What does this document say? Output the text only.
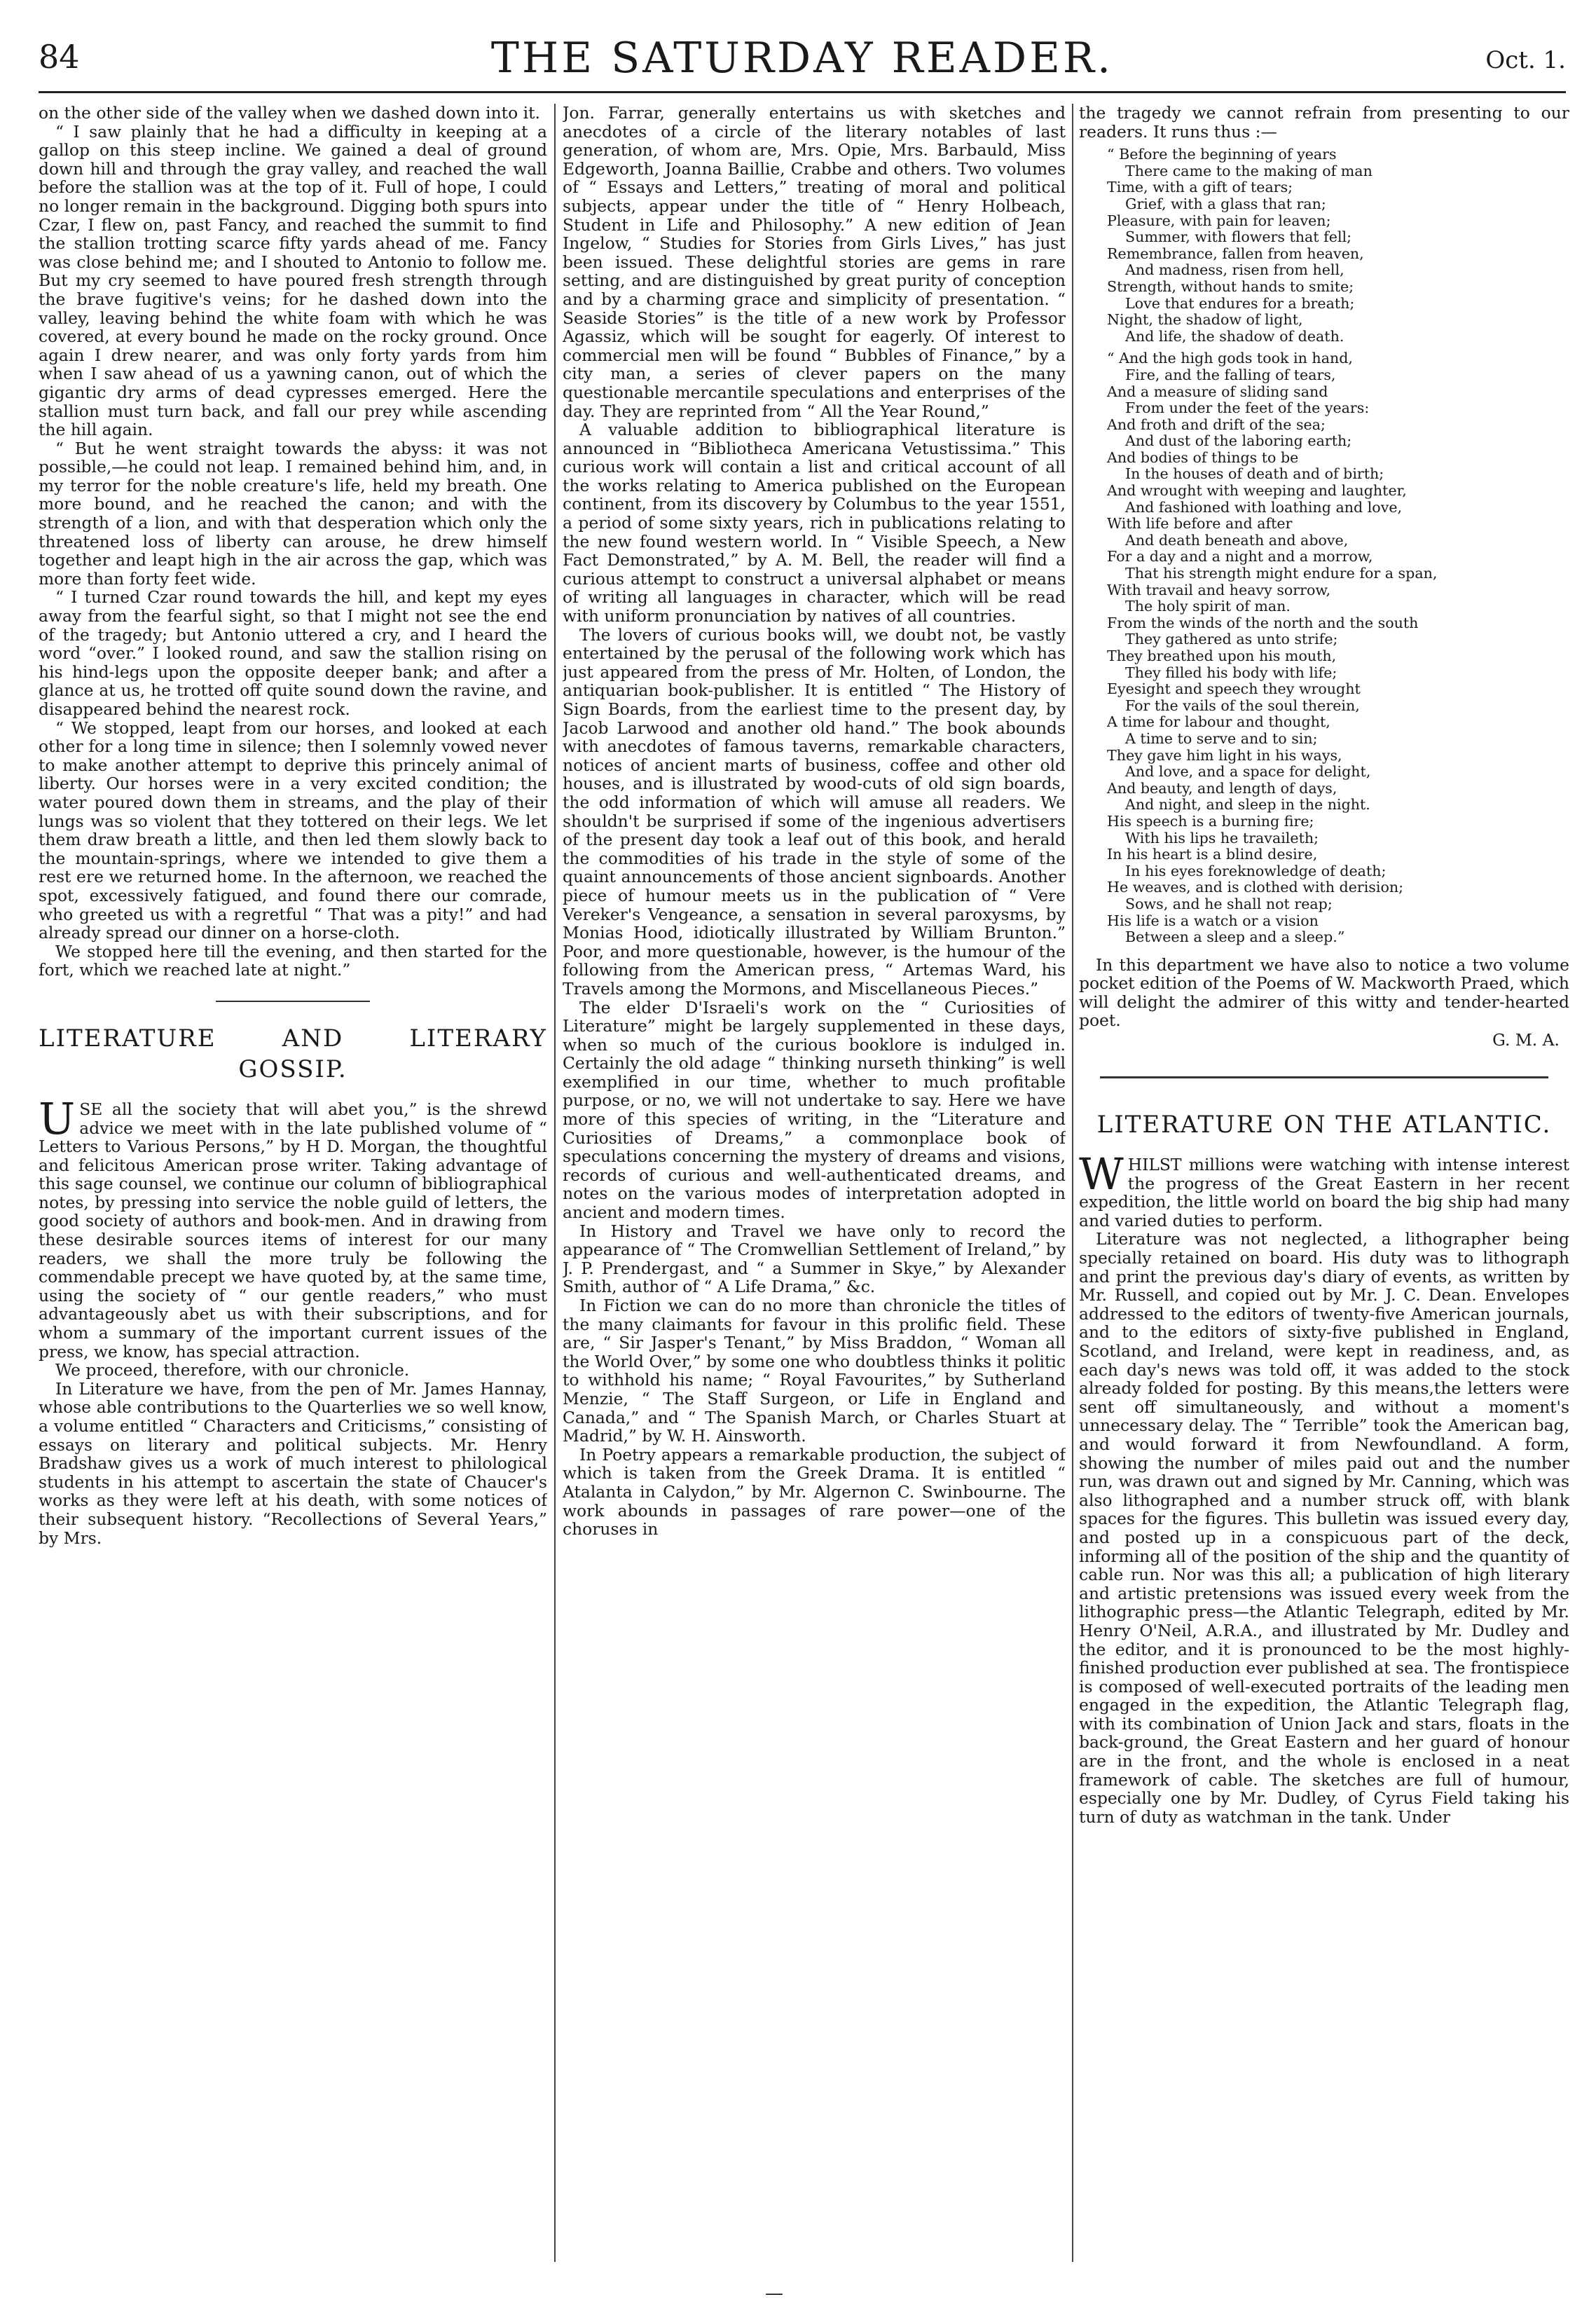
84	THE SATURDAY READER.	Oct. 1.

on the other side of the valley when we dashed down into it.

“ I saw plainly that he had a difficulty in keeping at a gallop on this steep incline. We gained a deal of ground down hill and through the gray valley, and reached the wall before the stallion was at the top of it. Full of hope, I could no longer remain in the background. Digging both spurs into Czar, I flew on, past Fancy, and reached the summit to find the stallion trotting scarce fifty yards ahead of me. Fancy was close behind me; and I shouted to Antonio to follow me. But my cry seemed to have poured fresh strength through the brave fugitive's veins; for he dashed down into the valley, leaving behind the white foam with which he was covered, at every bound he made on the rocky ground. Once again I drew nearer, and was only forty yards from him when I saw ahead of us a yawning canon, out of which the gigantic dry arms of dead cypresses emerged. Here the stallion must turn back, and fall our prey while ascending the hill again.

“ But he went straight towards the abyss: it was not possible,—he could not leap. I remained behind him, and, in my terror for the noble creature's life, held my breath. One more bound, and he reached the canon; and with the strength of a lion, and with that desperation which only the threatened loss of liberty can arouse, he drew himself together and leapt high in the air across the gap, which was more than forty feet wide.

“ I turned Czar round towards the hill, and kept my eyes away from the fearful sight, so that I might not see the end of the tragedy; but Antonio uttered a cry, and I heard the word “over.” I looked round, and saw the stallion rising on his hind-legs upon the opposite deeper bank; and after a glance at us, he trotted off quite sound down the ravine, and disappeared behind the nearest rock.

“ We stopped, leapt from our horses, and looked at each other for a long time in silence; then I solemnly vowed never to make another attempt to deprive this princely animal of liberty. Our horses were in a very excited condition; the water poured down them in streams, and the play of their lungs was so violent that they tottered on their legs. We let them draw breath a little, and then led them slowly back to the mountain-springs, where we intended to give them a rest ere we returned home. In the afternoon, we reached the spot, excessively fatigued, and found there our comrade, who greeted us with a regretful “ That was a pity!” and had already spread our dinner on a horse-cloth.

We stopped here till the evening, and then started for the fort, which we reached late at night.”

LITERATURE AND LITERARY GOSSIP.

USE all the society that will abet you,” is the shrewd advice we meet with in the late published volume of “ Letters to Various Persons,” by H D. Morgan, the thoughtful and felicitous American prose writer. Taking advantage of this sage counsel, we continue our column of bibliographical notes, by pressing into service the noble guild of letters, the good society of authors and book-men. And in drawing from these desirable sources items of interest for our many readers, we shall the more truly be following the commendable precept we have quoted by, at the same time, using the society of “ our gentle readers,” who must advantageously abet us with their subscriptions, and for whom a summary of the important current issues of the press, we know, has special attraction.

We proceed, therefore, with our chronicle.

In Literature we have, from the pen of Mr. James Hannay, whose able contributions to the Quarterlies we so well know, a volume entitled “ Characters and Criticisms,” consisting of essays on literary and political subjects. Mr. Henry Bradshaw gives us a work of much interest to philological students in his attempt to ascertain the state of Chaucer's works as they were left at his death, with some notices of their subsequent history. “Recollections of Several Years,” by Mrs.

Jon. Farrar, generally entertains us with sketches and anecdotes of a circle of the literary notables of last generation, of whom are, Mrs. Opie, Mrs. Barbauld, Miss Edgeworth, Joanna Baillie, Crabbe and others. Two volumes of “ Essays and Letters,” treating of moral and political subjects, appear under the title of “ Henry Holbeach, Student in Life and Philosophy.” A new edition of Jean Ingelow, “ Studies for Stories from Girls Lives,” has just been issued. These delightful stories are gems in rare setting, and are distinguished by great purity of conception and by a charming grace and simplicity of presentation. “ Seaside Stories” is the title of a new work by Professor Agassiz, which will be sought for eagerly. Of interest to commercial men will be found “ Bubbles of Finance,” by a city man, a series of clever papers on the many questionable mercantile speculations and enterprises of the day. They are reprinted from “ All the Year Round,”

A valuable addition to bibliographical literature is announced in “Bibliotheca Americana Vetustissima.” This curious work will contain a list and critical account of all the works relating to America published on the European continent, from its discovery by Columbus to the year 1551, a period of some sixty years, rich in publications relating to the new found western world. In “ Visible Speech, a New Fact Demonstrated,” by A. M. Bell, the reader will find a curious attempt to construct a universal alphabet or means of writing all languages in character, which will be read with uniform pronunciation by natives of all countries.

The lovers of curious books will, we doubt not, be vastly entertained by the perusal of the following work which has just appeared from the press of Mr. Holten, of London, the antiquarian book-publisher. It is entitled “ The History of Sign Boards, from the earliest time to the present day, by Jacob Larwood and another old hand.” The book abounds with anecdotes of famous taverns, remarkable characters, notices of ancient marts of business, coffee and other old houses, and is illustrated by wood-cuts of old sign boards, the odd information of which will amuse all readers. We shouldn't be surprised if some of the ingenious advertisers of the present day took a leaf out of this book, and herald the commodities of his trade in the style of some of the quaint announcements of those ancient signboards. Another piece of humour meets us in the publication of “ Vere Vereker's Vengeance, a sensation in several paroxysms, by Monias Hood, idiotically illustrated by William Brunton.” Poor, and more questionable, however, is the humour of the following from the American press, “ Artemas Ward, his Travels among the Mormons, and Miscellaneous Pieces.”

The elder D'Israeli's work on the “ Curiosities of Literature” might be largely supplemented in these days, when so much of the curious booklore is indulged in. Certainly the old adage “ thinking nurseth thinking” is well exemplified in our time, whether to much profitable purpose, or no, we will not undertake to say. Here we have more of this species of writing, in the “Literature and Curiosities of Dreams,” a commonplace book of speculations concerning the mystery of dreams and visions, records of curious and well-authenticated dreams, and notes on the various modes of interpretation adopted in ancient and modern times.

In History and Travel we have only to record the appearance of “ The Cromwellian Settlement of Ireland,” by J. P. Prendergast, and “ a Summer in Skye,” by Alexander Smith, author of “ A Life Drama,” &c.

In Fiction we can do no more than chronicle the titles of the many claimants for favour in this prolific field. These are, “ Sir Jasper's Tenant,” by Miss Braddon, “ Woman all the World Over,” by some one who doubtless thinks it politic to withhold his name; “ Royal Favourites,” by Sutherland Menzie, “ The Staff Surgeon, or Life in England and Canada,” and “ The Spanish March, or Charles Stuart at Madrid,” by W. H. Ainsworth.

In Poetry appears a remarkable production, the subject of which is taken from the Greek Drama. It is entitled “ Atalanta in Calydon,” by Mr. Algernon C. Swinbourne. The work abounds in passages of rare power—one of the choruses in

the tragedy we cannot refrain from presenting to our readers. It runs thus :—

“ Before the beginning of years
There came to the making of man
Time, with a gift of tears;
Grief, with a glass that ran;
Pleasure, with pain for leaven;
Summer, with flowers that fell;
Remembrance, fallen from heaven,
And madness, risen from hell,
Strength, without hands to smite;
Love that endures for a breath;
Night, the shadow of light,
And life, the shadow of death.
“ And the high gods took in hand,
Fire, and the falling of tears,
And a measure of sliding sand
From under the feet of the years:
And froth and drift of the sea;
And dust of the laboring earth;
And bodies of things to be
In the houses of death and of birth;
And wrought with weeping and laughter,
And fashioned with loathing and love,
With life before and after
And death beneath and above,
For a day and a night and a morrow,
That his strength might endure for a span,
With travail and heavy sorrow,
The holy spirit of man.
From the winds of the north and the south
They gathered as unto strife;
They breathed upon his mouth,
They filled his body with life;
Eyesight and speech they wrought
For the vails of the soul therein,
A time for labour and thought,
A time to serve and to sin;
They gave him light in his ways,
And love, and a space for delight,
And beauty, and length of days,
And night, and sleep in the night.
His speech is a burning fire;
With his lips he travaileth;
In his heart is a blind desire,
In his eyes foreknowledge of death;
He weaves, and is clothed with derision;
Sows, and he shall not reap;
His life is a watch or a vision
Between a sleep and a sleep.”

In this department we have also to notice a two volume pocket edition of the Poems of W. Mackworth Praed, which will delight the admirer of this witty and tender-hearted poet.

G. M. A.
LITERATURE ON THE ATLANTIC.

WHILST millions were watching with intense interest the progress of the Great Eastern in her recent expedition, the little world on board the big ship had many and varied duties to perform.

Literature was not neglected, a lithographer being specially retained on board. His duty was to lithograph and print the previous day's diary of events, as written by Mr. Russell, and copied out by Mr. J. C. Dean. Envelopes addressed to the editors of twenty-five American journals, and to the editors of sixty-five published in England, Scotland, and Ireland, were kept in readiness, and, as each day's news was told off, it was added to the stock already folded for posting. By this means,the letters were sent off simultaneously, and without a moment's unnecessary delay. The “ Terrible” took the American bag, and would forward it from Newfoundland. A form, showing the number of miles paid out and the number run, was drawn out and signed by Mr. Canning, which was also lithographed and a number struck off, with blank spaces for the figures. This bulletin was issued every day, and posted up in a conspicuous part of the deck, informing all of the position of the ship and the quantity of cable run. Nor was this all; a publication of high literary and artistic pretensions was issued every week from the lithographic press—the Atlantic Telegraph, edited by Mr. Henry O'Neil, A.R.A., and illustrated by Mr. Dudley and the editor, and it is pronounced to be the most highly-finished production ever published at sea. The frontispiece is composed of well-executed portraits of the leading men engaged in the expedition, the Atlantic Telegraph flag, with its combination of Union Jack and stars, floats in the back-ground, the Great Eastern and her guard of honour are in the front, and the whole is enclosed in a neat framework of cable. The sketches are full of humour, especially one by Mr. Dudley, of Cyrus Field taking his turn of duty as watchman in the tank. Under

—
